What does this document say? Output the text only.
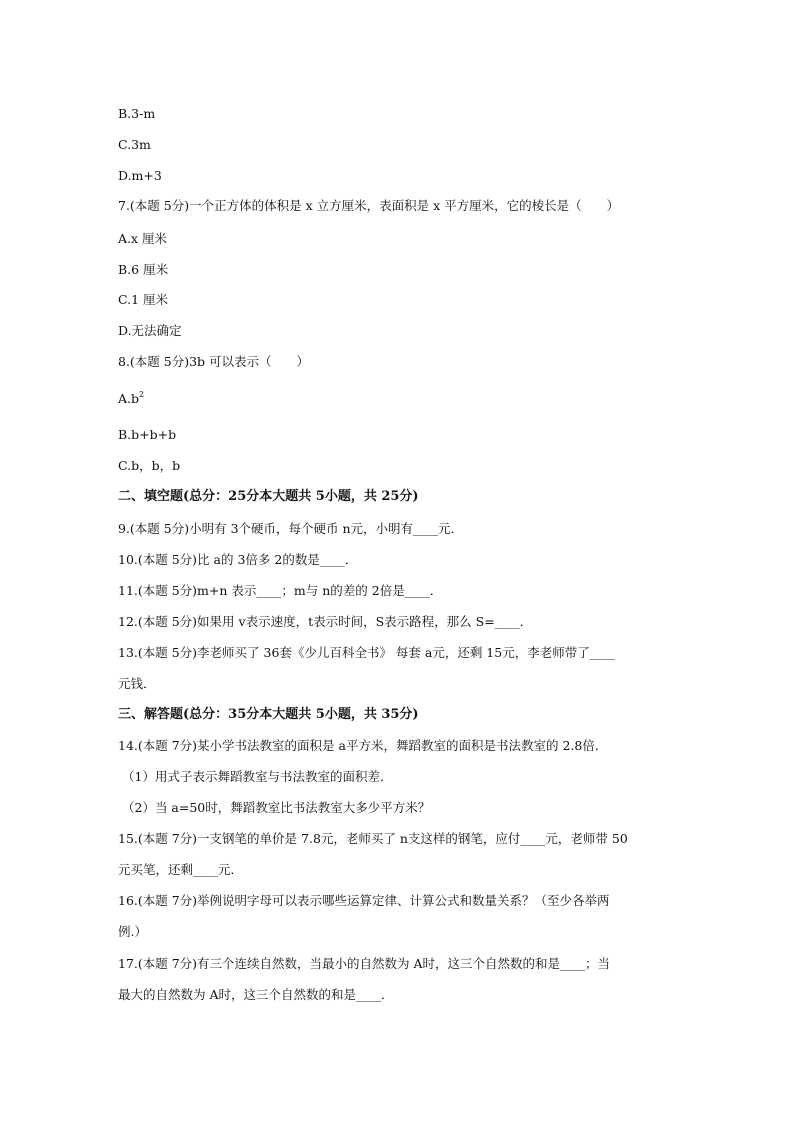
B.3-m
C.3m
D.m+3
7.(本题 5分)一个正方体的体积是 x 立方厘米，表面积是 x 平方厘米，它的棱长是（　　）
A.x 厘米
B.6 厘米
C.1 厘米
D.无法确定
8.(本题 5分)3b 可以表示（　　）
$A.b^2$
B.b+b+b
C.b，b，b
二、填空题(总分：25分本大题共 5小题，共 25分)
9.(本题 5分)小明有 3个硬币，每个硬币 n元，小明有____元．
10.(本题 5分)比 a的 3倍多 2的数是____．
11.(本题 5分)m+n 表示____；m与 n的差的 2倍是____．
12.(本题 5分)如果用 v表示速度，t表示时间，S表示路程，那么 S=____．
13.(本题 5分)李老师买了 36套《少儿百科全书》 每套 a元，还剩 15元，李老师带了____
元钱．
三、解答题(总分：35分本大题共 5小题，共 35分)
14.(本题 7分)某小学书法教室的面积是 a平方米，舞蹈教室的面积是书法教室的 2.8倍．
（1）用式子表示舞蹈教室与书法教室的面积差．
（2）当 a=50时，舞蹈教室比书法教室大多少平方米？
15.(本题 7分)一支钢笔的单价是 7.8元，老师买了 n支这样的钢笔，应付____元，老师带 50
元买笔，还剩____元．
16.(本题 7分)举例说明字母可以表示哪些运算定律、计算公式和数量关系？（至少各举两
例.）
17.(本题 7分)有三个连续自然数，当最小的自然数为 A时，这三个自然数的和是____；当
最大的自然数为 A时，这三个自然数的和是____．
